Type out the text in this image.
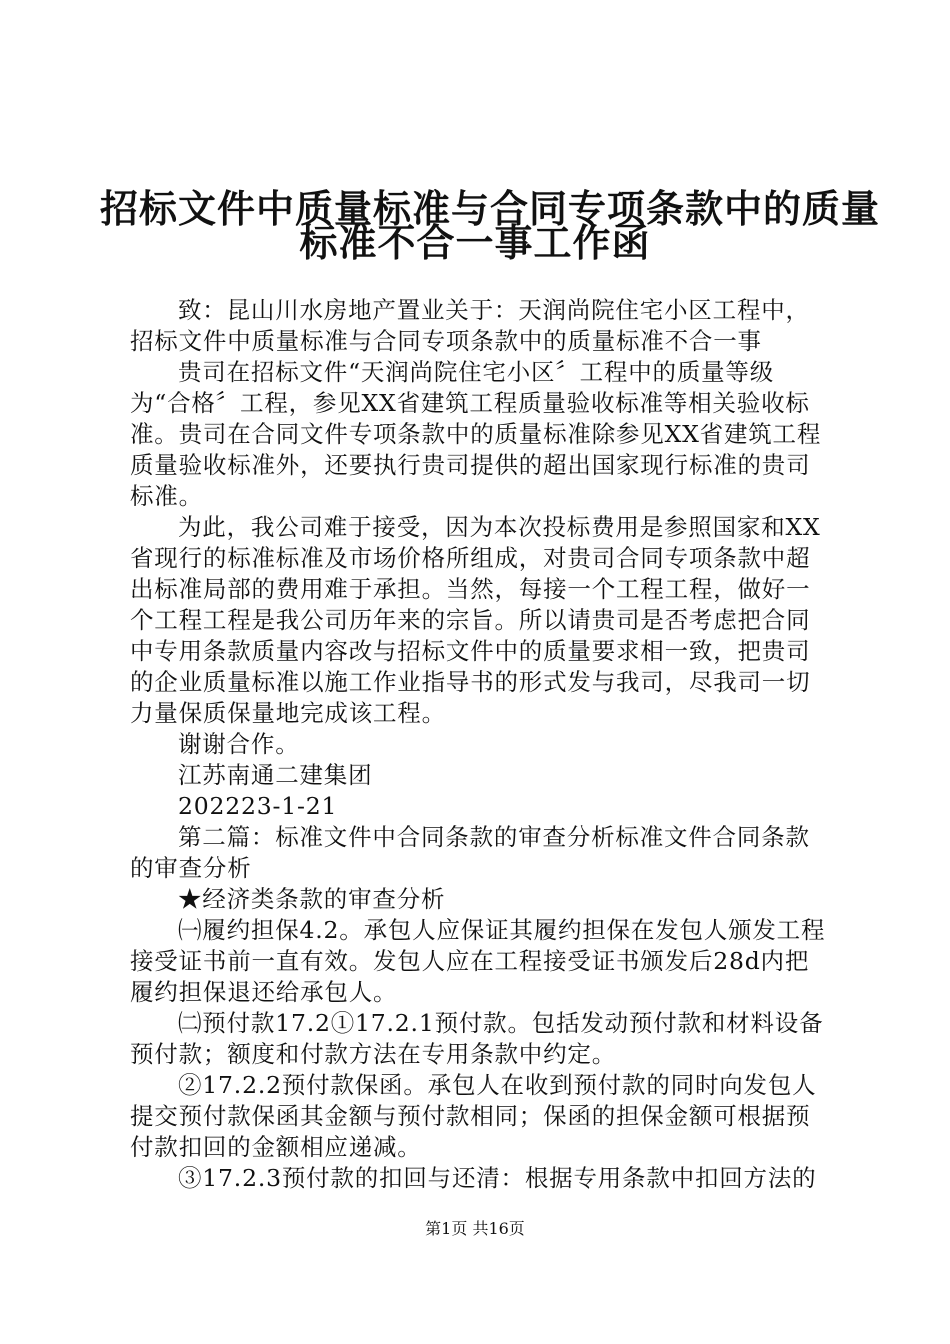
招标文件中质量标准与合同专项条款中的质量
标准不合一事工作函

致：昆山川水房地产置业关于：天润尚院住宅小区工程中，招标文件中质量标准与合同专项条款中的质量标准不合一事

贵司在招标文件“天润尚院住宅小区〞工程中的质量等级为“合格〞工程，参见XX省建筑工程质量验收标准等相关验收标准。贵司在合同文件专项条款中的质量标准除参见XX省建筑工程质量验收标准外，还要执行贵司提供的超出国家现行标准的贵司标准。

为此，我公司难于接受，因为本次投标费用是参照国家和XX省现行的标准标准及市场价格所组成，对贵司合同专项条款中超出标准局部的费用难于承担。当然，每接一个工程工程，做好一个工程工程是我公司历年来的宗旨。所以请贵司是否考虑把合同中专用条款质量内容改与招标文件中的质量要求相一致，把贵司的企业质量标准以施工作业指导书的形式发与我司，尽我司一切力量保质保量地完成该工程。

谢谢合作。

江苏南通二建集团

202223-1-21

第二篇：标准文件中合同条款的审查分析标准文件合同条款的审查分析

★经济类条款的审查分析

㈠履约担保4.2。承包人应保证其履约担保在发包人颁发工程接受证书前一直有效。发包人应在工程接受证书颁发后28d内把履约担保退还给承包人。

㈡预付款17.2①17.2.1预付款。包括发动预付款和材料设备预付款；额度和付款方法在专用条款中约定。

②17.2.2预付款保函。承包人在收到预付款的同时向发包人提交预付款保函其金额与预付款相同；保函的担保金额可根据预付款扣回的金额相应递减。

③17.2.3预付款的扣回与还清：根据专用条款中扣回方法的

第1页 共16页
